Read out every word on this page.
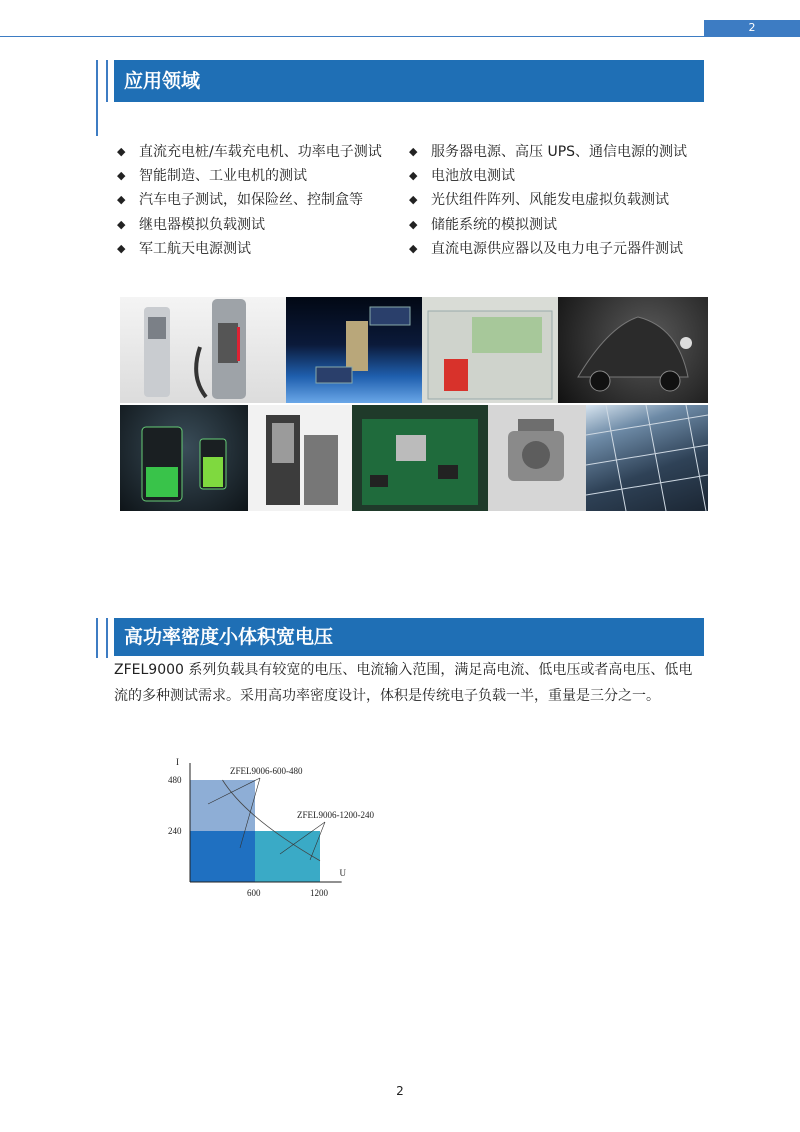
2
应用领域
◆ 直流充电桩/车载充电机、功率电子测试
◆ 智能制造、工业电机的测试
◆ 汽车电子测试，如保险丝、控制盒等
◆ 继电器模拟负载测试
◆ 军工航天电源测试
◆ 服务器电源、高压 UPS、通信电源的测试
◆ 电池放电测试
◆ 光伏组件阵列、风能发电虚拟负载测试
◆ 储能系统的模拟测试
◆ 直流电源供应器以及电力电子元器件测试
高功率密度小体积宽电压
ZFEL9000 系列负载具有较宽的电压、电流输入范围，满足高电流、低电压或者高电压、低电流的多种测试需求。采用高功率密度设计，体积是传统电子负载一半，重量是三分之一。
U
I
600	1200
480
240
ZFEL9006-600-480
ZFEL9006-1200-240
2
